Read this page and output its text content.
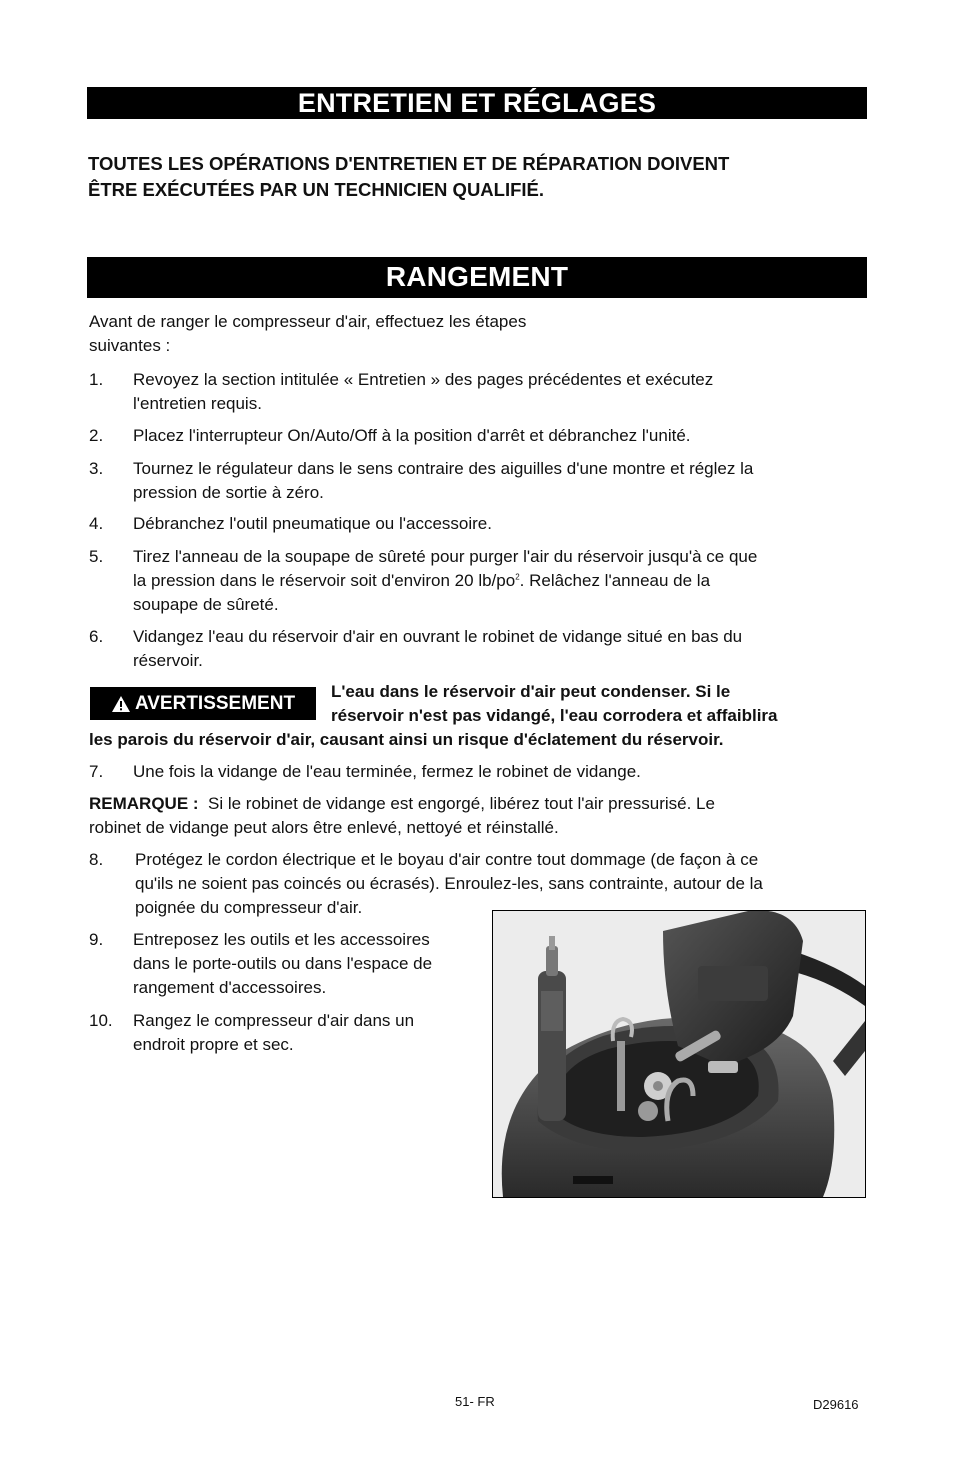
ENTRETIEN ET RÉGLAGES
TOUTES LES OPÉRATIONS D'ENTRETIEN ET DE RÉPARATION DOIVENT
ÊTRE EXÉCUTÉES PAR UN TECHNICIEN QUALIFIÉ.
RANGEMENT
Avant de ranger le compresseur d'air, effectuez les étapes
suivantes :
1. Revoyez la section intitulée « Entretien » des pages précédentes et exécutez
l'entretien requis.
2. Placez l'interrupteur On/Auto/Off à la position d'arrêt et débranchez l'unité.
3. Tournez le régulateur dans le sens contraire des aiguilles d'une montre et réglez la
pression de sortie à zéro.
4. Débranchez l'outil pneumatique ou l'accessoire.
5. Tirez l'anneau de la soupape de sûreté pour purger l'air du réservoir jusqu'à ce que
la pression dans le réservoir soit d'environ 20 $lb/po^2$. Relâchez l'anneau de la
soupape de sûreté.
6. Vidangez l'eau du réservoir d'air en ouvrant le robinet de vidange situé en bas du
réservoir.
AVERTISSEMENT
L'eau dans le réservoir d'air peut condenser. Si le
réservoir n'est pas vidangé, l'eau corrodera et affaiblira
les parois du réservoir d'air, causant ainsi un risque d'éclatement du réservoir.
7. Une fois la vidange de l'eau terminée, fermez le robinet de vidange.
REMARQUE : Si le robinet de vidange est engorgé, libérez tout l'air pressurisé. Le
robinet de vidange peut alors être enlevé, nettoyé et réinstallé.
8. Protégez le cordon électrique et le boyau d'air contre tout dommage (de façon à ce
qu'ils ne soient pas coincés ou écrasés). Enroulez-les, sans contrainte, autour de la
poignée du compresseur d'air.
9. Entreposez les outils et les accessoires
dans le porte-outils ou dans l'espace de
rangement d'accessoires.
10. Rangez le compresseur d'air dans un
endroit propre et sec.
51- FR	D29616
